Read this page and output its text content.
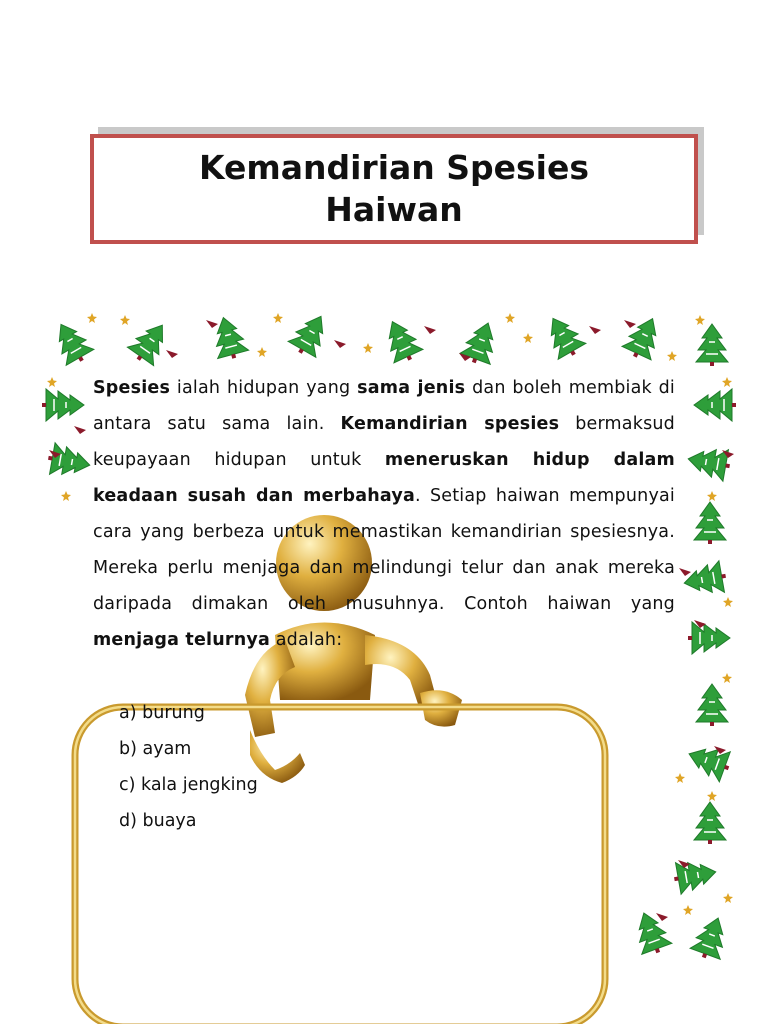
Kemandirian Spesies Haiwan

Spesies ialah hidupan yang sama jenis dan boleh membiak di antara satu sama lain. Kemandirian spesies bermaksud keupayaan hidupan untuk meneruskan hidup dalam keadaan susah dan merbahaya. Setiap haiwan mempunyai cara yang berbeza untuk memastikan kemandirian spesiesnya. Mereka perlu menjaga dan melindungi telur dan anak mereka daripada dimakan oleh musuhnya. Contoh haiwan yang menjaga telurnya adalah:

a) burung
b) ayam
c) kala jengking
d) buaya
